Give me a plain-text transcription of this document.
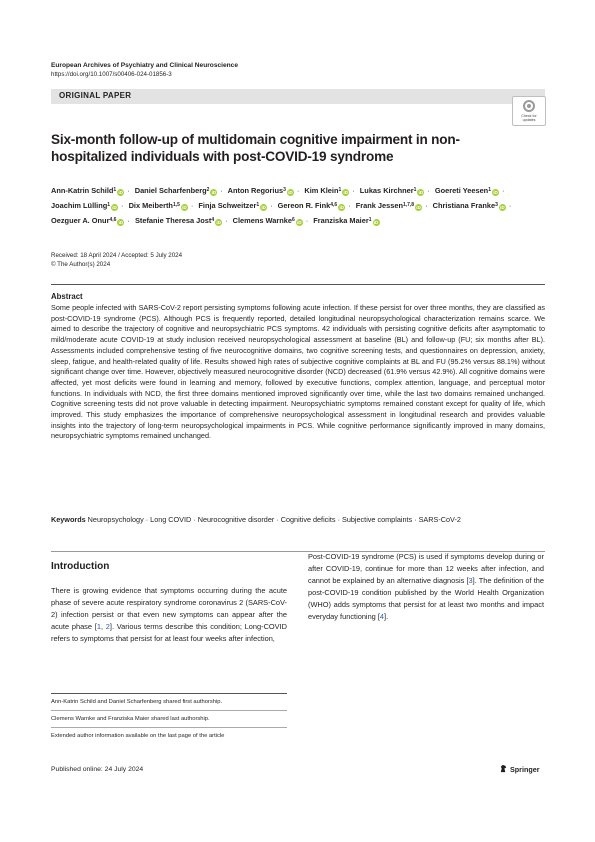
European Archives of Psychiatry and Clinical Neuroscience
https://doi.org/10.1007/s00406-024-01856-3
ORIGINAL PAPER
Check for
updates
Six-month follow-up of multidomain cognitive impairment in non-hospitalized individuals with post-COVID-19 syndrome
Ann-Katrin Schild$^1$ iD · Daniel Scharfenberg$^2$ iD · Anton Regorius$^3$ iD · Kim Klein$^1$ iD · Lukas Kirchner$^1$ iD · Goereti Yeesen$^1$ iD · Joachim Lülling$^1$ iD · Dix Meiberth$^{1,5}$ iD · Finja Schweitzer$^1$ iD · Gereon R. Fink$^{4,6}$ iD · Frank Jessen$^{1,7,8}$ iD · Christiana Franke$^3$ iD · Oezguer A. Onur$^{4,6}$ iD · Stefanie Theresa Jost$^4$ iD · Clemens Warnke$^6$ iD · Franziska Maier$^1$ iD
Received: 18 April 2024 / Accepted: 5 July 2024
© The Author(s) 2024
Abstract
Some people infected with SARS-CoV-2 report persisting symptoms following acute infection. If these persist for over three months, they are classified as post-COVID-19 syndrome (PCS). Although PCS is frequently reported, detailed longitudinal neuropsychological characterization remains scarce. We aimed to describe the trajectory of cognitive and neuropsychiatric PCS symptoms. 42 individuals with persisting cognitive deficits after asymptomatic to mild/moderate acute COVID-19 at study inclusion received neuropsychological assessment at baseline (BL) and follow-up (FU; six months after BL). Assessments included comprehensive testing of five neurocognitive domains, two cognitive screening tests, and questionnaires on depression, anxiety, sleep, fatigue, and health-related quality of life. Results showed high rates of subjective cognitive complaints at BL and FU (95.2% versus 88.1%) without significant change over time. However, objectively measured neurocognitive disorder (NCD) decreased (61.9% versus 42.9%). All cognitive domains were affected, yet most deficits were found in learning and memory, followed by executive functions, complex attention, language, and perceptual motor functions. In individuals with NCD, the first three domains mentioned improved significantly over time, while the last two domains remained unchanged. Cognitive screening tests did not prove valuable in detecting impairment. Neuropsychiatric symptoms remained constant except for quality of life, which improved. This study emphasizes the importance of comprehensive neuropsychological assessment in longitudinal research and provides valuable insights into the trajectory of long-term neuropsychological impairments in PCS. While cognitive performance significantly improved in many domains, neuropsychiatric symptoms remained unchanged.
Keywords Neuropsychology · Long COVID · Neurocognitive disorder · Cognitive deficits · Subjective complaints · SARS-CoV-2
Introduction
There is growing evidence that symptoms occurring during the acute phase of severe acute respiratory syndrome coronavirus 2 (SARS-CoV-2) infection persist or that even new symptoms can appear after the acute phase [1, 2]. Various terms describe this condition; Long-COVID refers to symptoms that persist for at least four weeks after infection,
Post-COVID-19 syndrome (PCS) is used if symptoms develop during or after COVID-19, continue for more than 12 weeks after infection, and cannot be explained by an alternative diagnosis [3]. The definition of the post-COVID-19 condition published by the World Health Organization (WHO) adds symptoms that persist for at least two months and impact everyday functioning [4].
Ann-Katrin Schild and Daniel Scharfenberg shared first authorship.
Clemens Warnke and Franziska Maier shared last authorship.
Extended author information available on the last page of the article
Published online: 24 July 2024	Springer
